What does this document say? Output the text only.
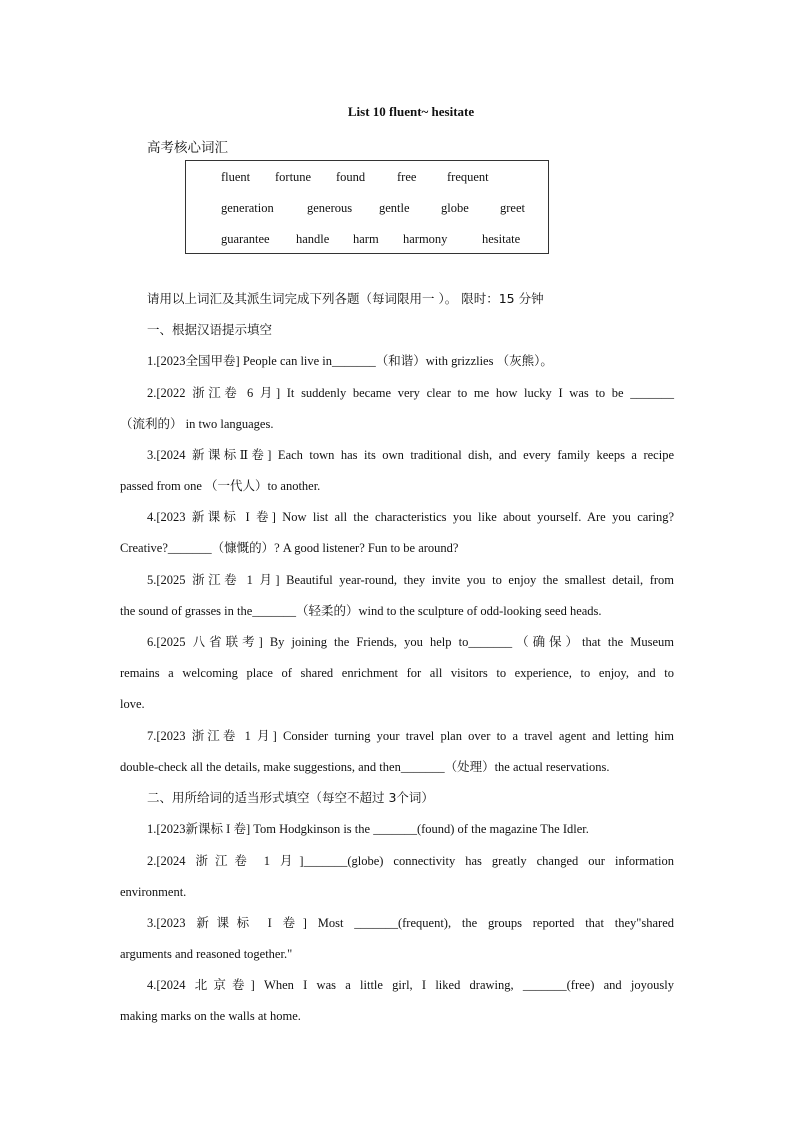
List 10 fluent~ hesitate
高考核心词汇
fluent fortune found	free frequent
generation	generous gentle	globe greet
guarantee handle harm harmony	hesitate
请用以上词汇及其派生词完成下列各题（每词限用一 ）。 限时：15 分钟
一、根据汉语提示填空
1.[2023全国甲卷] People can live in_______（和谐）with grizzlies （灰熊）。
2.[2022 浙江卷 6 月] It suddenly became very clear to me how lucky I was to be _______
（流利的） in two languages.
3.[2024 新课标Ⅱ卷] Each town has its own traditional dish, and every family keeps a recipe
passed from one （一代人）to another.
4.[2023 新课标 I 卷] Now list all the characteristics you like about yourself. Are you caring?
Creative?_______（慷慨的）? A good listener? Fun to be around?
5.[2025 浙江卷 1 月] Beautiful year-round, they invite you to enjoy the smallest detail, from
the sound of grasses in the_______（轻柔的）wind to the sculpture of odd-looking seed heads.
6.[2025 八省联考] By joining the Friends, you help to_______（确保）that the Museum
remains a welcoming place of shared enrichment for all visitors to experience, to enjoy, and to
love.
7.[2023 浙江卷 1 月] Consider turning your travel plan over to a travel agent and letting him
double-check all the details, make suggestions, and then_______（处理）the actual reservations.
二、用所给词的适当形式填空（每空不超过 3个词）
1.[2023新课标 I 卷] Tom Hodgkinson is the _______(found) of the magazine The Idler.
2.[2024 浙江卷 1 月]_______(globe) connectivity has greatly changed our information
environment.
3.[2023 新课标 I 卷] Most _______(frequent), the groups reported that they"shared
arguments and reasoned together."
4.[2024 北京卷] When I was a little girl, I liked drawing, _______(free) and joyously
making marks on the walls at home.
